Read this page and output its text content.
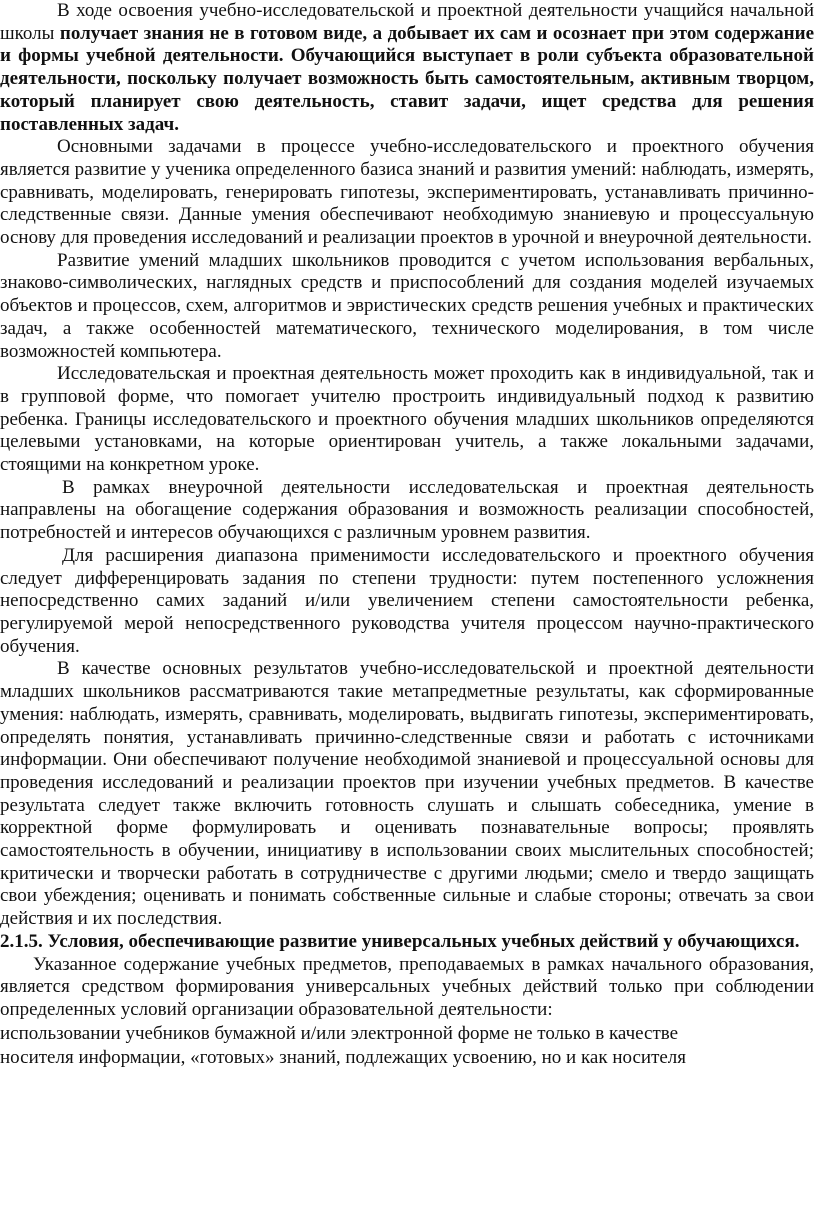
В ходе освоения учебно-исследовательской и проектной деятельности учащийся начальной школы получает знания не в готовом виде, а добывает их сам и осознает при этом содержание и формы учебной деятельности. Обучающийся выступает в роли субъекта образовательной деятельности, поскольку получает возможность быть самостоятельным, активным творцом, который планирует свою деятельность, ставит задачи, ищет средства для решения поставленных задач.

Основными задачами в процессе учебно-исследовательского и проектного обучения является развитие у ученика определенного базиса знаний и развития умений: наблюдать, измерять, сравнивать, моделировать, генерировать гипотезы, экспериментировать, устанавливать причинно-следственные связи. Данные умения обеспечивают необходимую знаниевую и процессуальную основу для проведения исследований и реализации проектов в урочной и внеурочной деятельности.

Развитие умений младших школьников проводится с учетом использования вербальных, знаково-символических, наглядных средств и приспособлений для создания моделей изучаемых объектов и процессов, схем, алгоритмов и эвристических средств решения учебных и практических задач, а также особенностей математического, технического моделирования, в том числе возможностей компьютера.

Исследовательская и проектная деятельность может проходить как в индивидуальной, так и в групповой форме, что помогает учителю простроить индивидуальный подход к развитию ребенка. Границы исследовательского и проектного обучения младших школьников определяются целевыми установками, на которые ориентирован учитель, а также локальными задачами, стоящими на конкретном уроке.

В рамках внеурочной деятельности исследовательская и проектная деятельность направлены на обогащение содержания образования и возможность реализации способностей, потребностей и интересов обучающихся с различным уровнем развития.

Для расширения диапазона применимости исследовательского и проектного обучения следует дифференцировать задания по степени трудности: путем постепенного усложнения непосредственно самих заданий и/или увеличением степени самостоятельности ребенка, регулируемой мерой непосредственного руководства учителя процессом научно-практического обучения.

В качестве основных результатов учебно-исследовательской и проектной деятельности младших школьников рассматриваются такие метапредметные результаты, как сформированные умения: наблюдать, измерять, сравнивать, моделировать, выдвигать гипотезы, экспериментировать, определять понятия, устанавливать причинно-следственные связи и работать с источниками информации. Они обеспечивают получение необходимой знаниевой и процессуальной основы для проведения исследований и реализации проектов при изучении учебных предметов. В качестве результата следует также включить готовность слушать и слышать собеседника, умение в корректной форме формулировать и оценивать познавательные вопросы; проявлять самостоятельность в обучении, инициативу в использовании своих мыслительных способностей; критически и творчески работать в сотрудничестве с другими людьми; смело и твердо защищать свои убеждения; оценивать и понимать собственные сильные и слабые стороны; отвечать за свои действия и их последствия.

2.1.5. Условия, обеспечивающие развитие универсальных учебных действий у обучающихся.

Указанное содержание учебных предметов, преподаваемых в рамках начального образования, является средством формирования универсальных учебных действий только при соблюдении определенных условий организации образовательной деятельности:

использовании учебников бумажной и/или электронной форме не только в качестве

носителя информации, «готовых» знаний, подлежащих усвоению, но и как носителя
